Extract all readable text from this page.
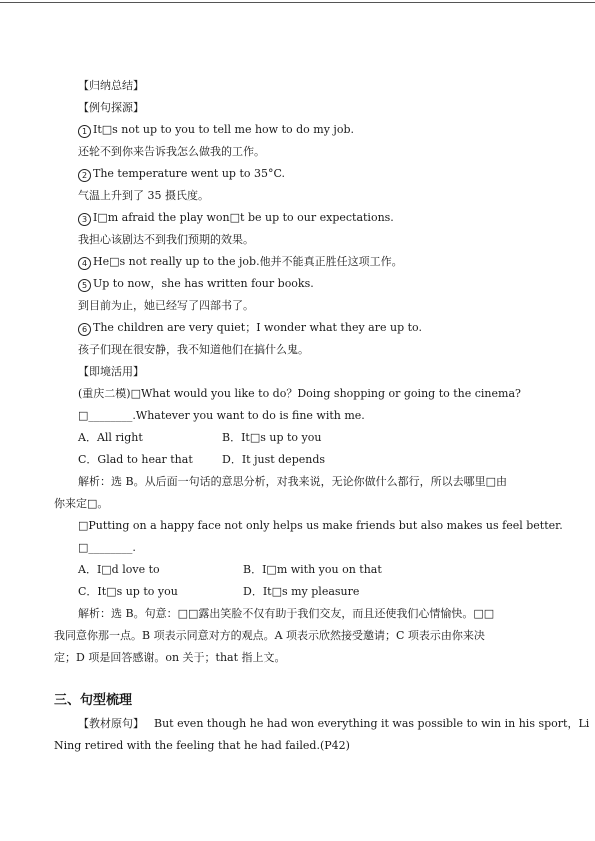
【归纳总结】
【例句探源】
1 It□s not up to you to tell me how to do my job.
还轮不到你来告诉我怎么做我的工作。
2 The temperature went up to 35°C.
气温上升到了 35 摄氏度。
3 I□m afraid the play won□t be up to our expectations.
我担心该剧达不到我们预期的效果。
4 He□s not really up to the job.他并不能真正胜任这项工作。
5 Up to now，she has written four books.
到目前为止，她已经写了四部书了。
6 The children are very quiet；I wonder what they are up to.
孩子们现在很安静，我不知道他们在搞什么鬼。
【即境活用】
(重庆二模)□What would you like to do？Doing shopping or going to the cinema?
□________.Whatever you want to do is fine with me.
A．All right	B．It□s up to you
C．Glad to hear that	D．It just depends
解析：选 B。从后面一句话的意思分析，对我来说，无论你做什么都行，所以去哪里□由
你来定□。
□Putting on a happy face not only helps us make friends but also makes us feel better.
□________.
A．I□d love to	B．I□m with you on that
C．It□s up to you	D．It□s my pleasure
解析：选 B。句意：□□露出笑脸不仅有助于我们交友，而且还使我们心情愉快。□□
我同意你那一点。B 项表示同意对方的观点。A 项表示欣然接受邀请；C 项表示由你来决
定；D 项是回答感谢。on 关于；that 指上文。
三、句型梳理
【教材原句】 But even though he had won everything it was possible to win in his sport，Li
Ning retired with the feeling that he had failed.(P42)
